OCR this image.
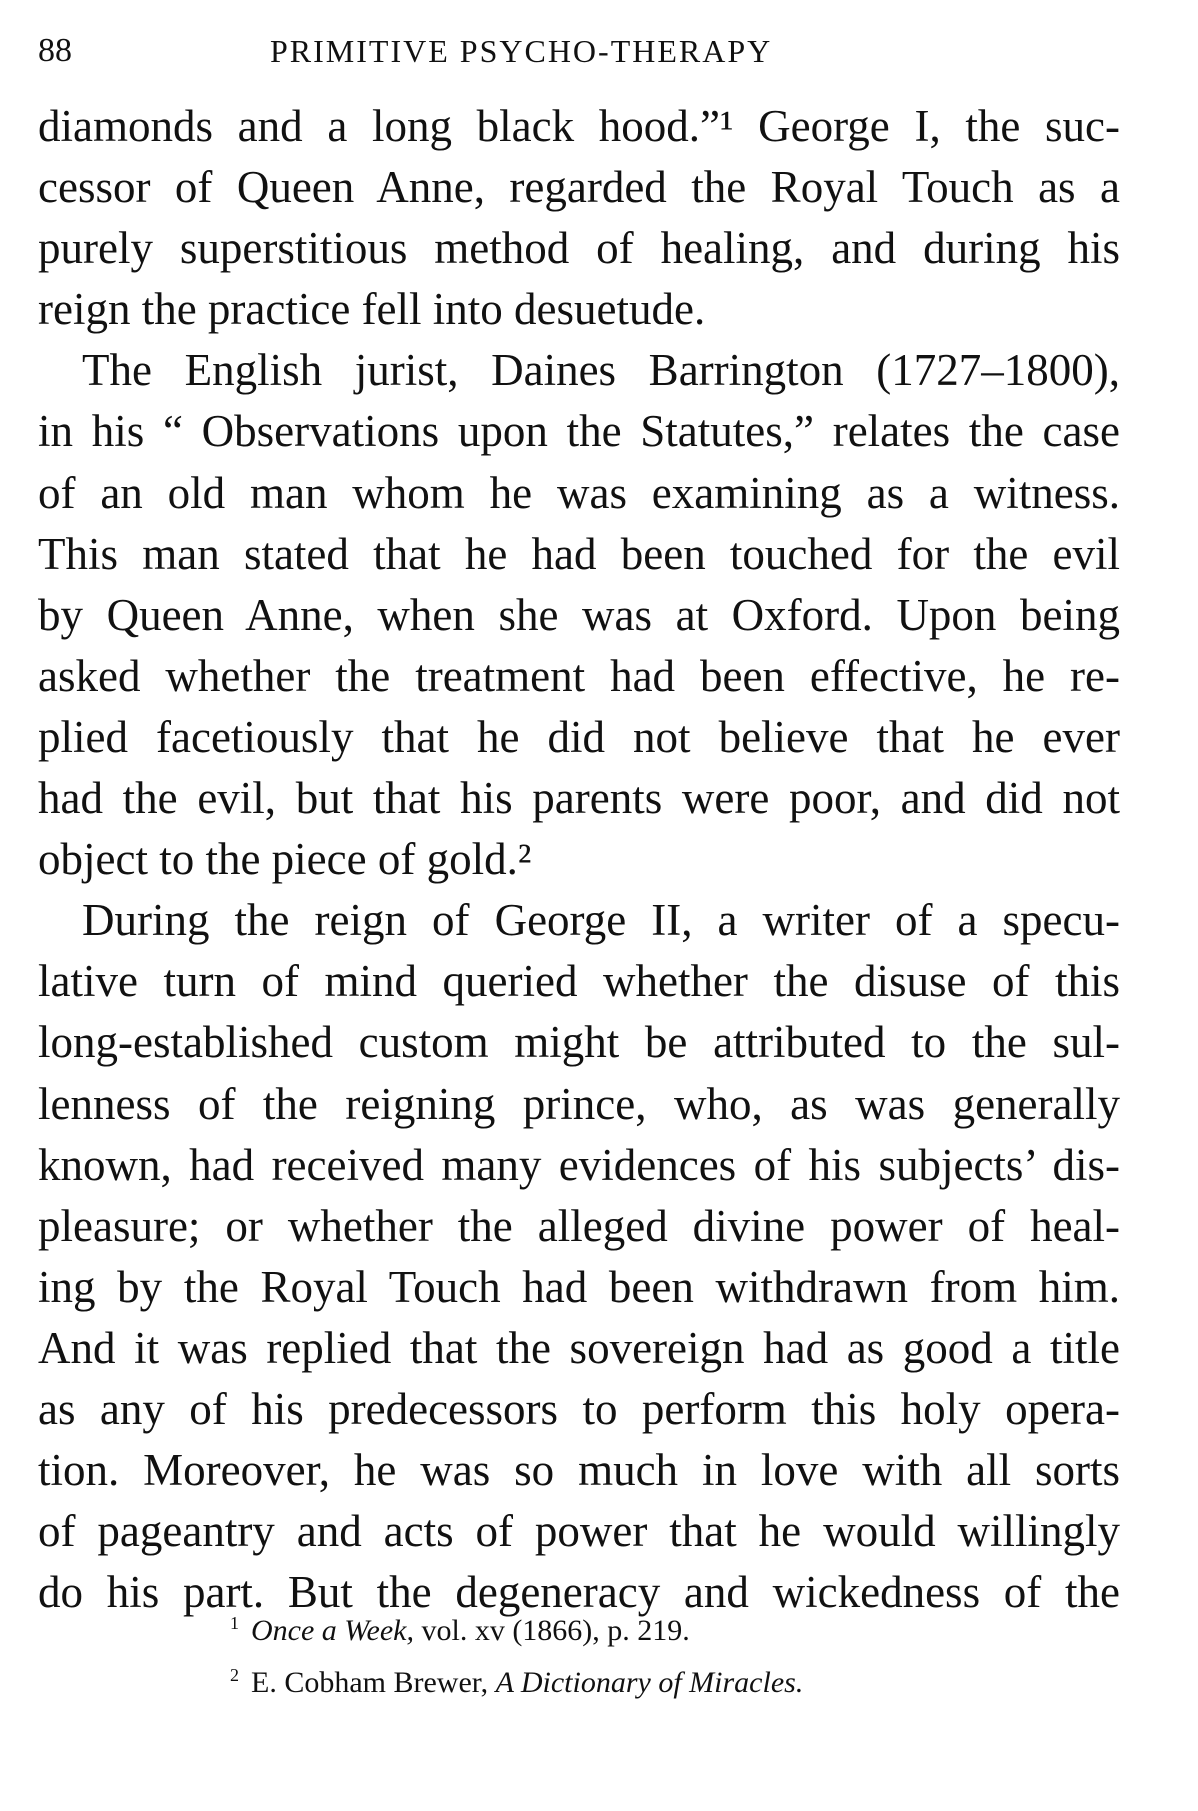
88	PRIMITIVE PSYCHO-THERAPY
diamonds and a long black hood.”¹ George I, the suc-
cessor of Queen Anne, regarded the Royal Touch as a
purely superstitious method of healing, and during his
reign the practice fell into desuetude.
The English jurist, Daines Barrington (1727–1800),
in his “ Observations upon the Statutes,” relates the case
of an old man whom he was examining as a witness.
This man stated that he had been touched for the evil
by Queen Anne, when she was at Oxford. Upon being
asked whether the treatment had been effective, he re-
plied facetiously that he did not believe that he ever
had the evil, but that his parents were poor, and did not
object to the piece of gold.²
During the reign of George II, a writer of a specu-
lative turn of mind queried whether the disuse of this
long-established custom might be attributed to the sul-
lenness of the reigning prince, who, as was generally
known, had received many evidences of his subjects’ dis-
pleasure; or whether the alleged divine power of heal-
ing by the Royal Touch had been withdrawn from him.
And it was replied that the sovereign had as good a title
as any of his predecessors to perform this holy opera-
tion. Moreover, he was so much in love with all sorts
of pageantry and acts of power that he would willingly
do his part. But the degeneracy and wickedness of the
$^1$ Once a Week, vol. xv (1866), p. 219.
$^2$ E. Cobham Brewer, A Dictionary of Miracles.
